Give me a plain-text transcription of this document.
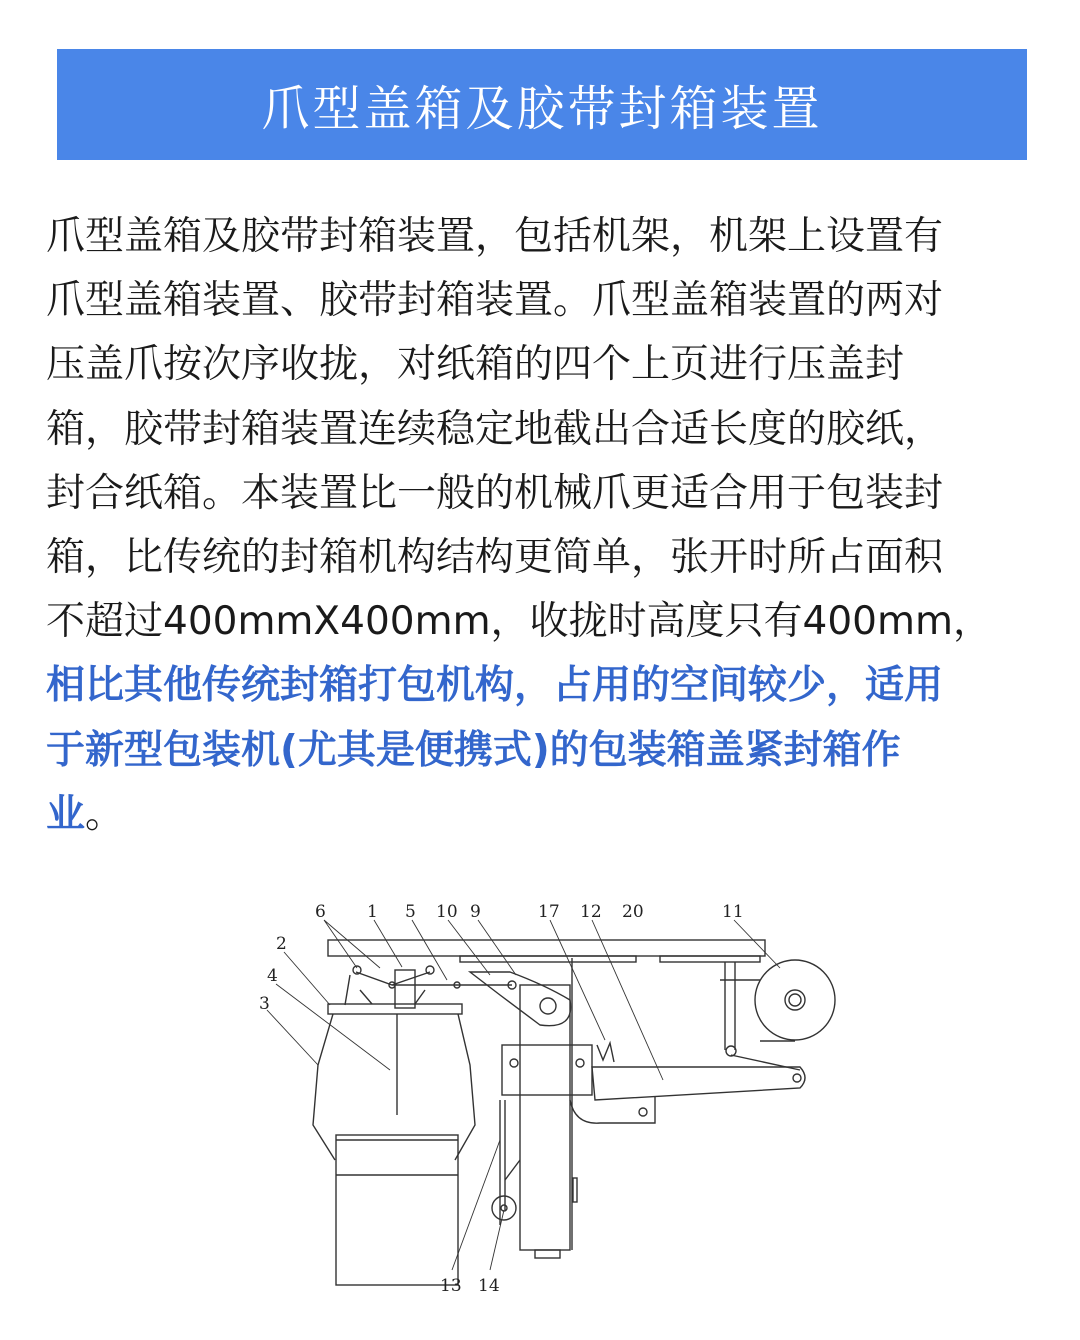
爪型盖箱及胶带封箱装置
爪型盖箱及胶带封箱装置，包括机架，机架上设置有
爪型盖箱装置、胶带封箱装置。爪型盖箱装置的两对
压盖爪按次序收拢，对纸箱的四个上页进行压盖封
箱，胶带封箱装置连续稳定地截出合适长度的胶纸，
封合纸箱。本装置比一般的机械爪更适合用于包装封
箱，比传统的封箱机构结构更简单，张开时所占面积
不超过400mmX400mm，收拢时高度只有400mm，
相比其他传统封箱打包机构，占用的空间较少，适用
于新型包装机(尤其是便携式)的包装箱盖紧封箱作
业。
6 1 5 10 9	17 12 20	11
2
4
3
13 14
